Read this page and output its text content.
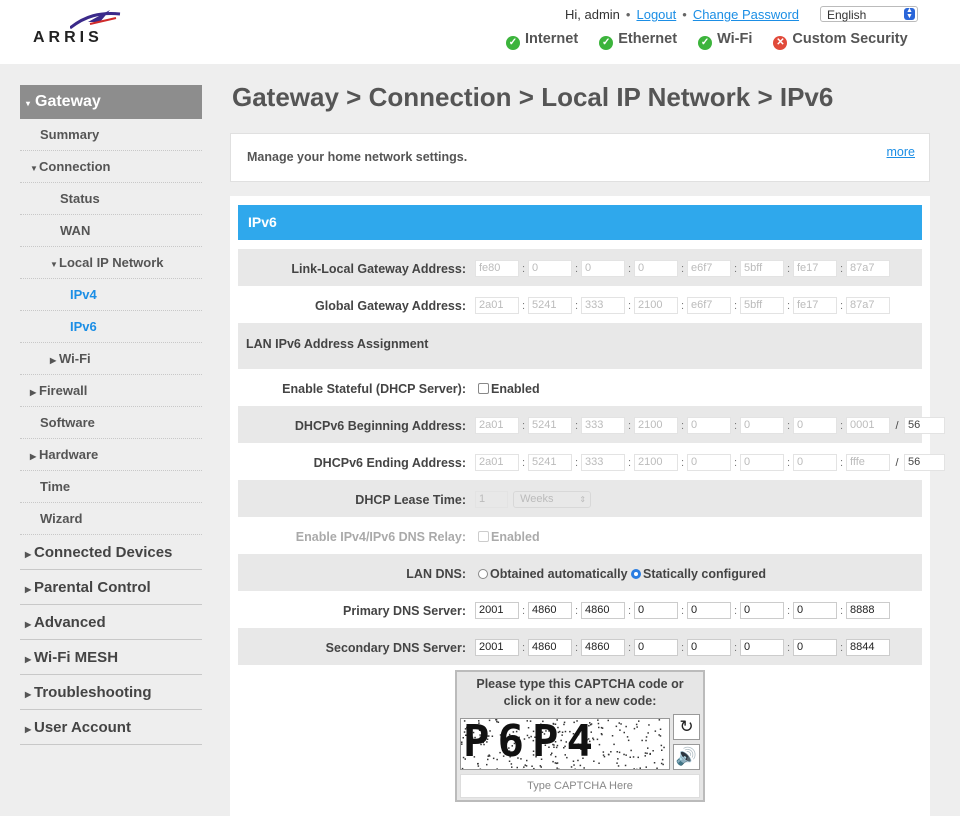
ARRIS
Hi, admin • Logout • Change Password	English	▲
▼
✓ Internet ✓ Ethernet ✓ Wi-Fi ✕ Custom Security
▾ Gateway
Summary
▼Connection
Status
WAN
▼Local IP Network
IPv4
IPv6
▶ Wi-Fi
▶ Firewall
Software
▶ Hardware
Time
Wizard
▶ Connected Devices
▶ Parental Control
▶ Advanced
▶ Wi-Fi MESH
▶ Troubleshooting
▶ User Account
Gateway > Connection > Local IP Network > IPv6
Manage your home network settings.	more
IPv6
Link-Local Gateway Address:	fe80 : 0	: 0	: 0	: e6f7 : 5bff : fe17 : 87a7
Global Gateway Address:	2a01 : 5241 : 333 : 2100 : e6f7 : 5bff : fe17 : 87a7
LAN IPv6 Address Assignment
Enable Stateful (DHCP Server):	Enabled
DHCPv6 Beginning Address:	2a01 : 5241 : 333 : 2100 : 0	: 0	: 0	: 0001 / 56
DHCPv6 Ending Address:	2a01 : 5241 : 333 : 2100 : 0	: 0	: 0	: fffe	/ 56
DHCP Lease Time:	1	Weeks	⇕
Enable IPv4/IPv6 DNS Relay:	Enabled
LAN DNS:	Obtained automatically Statically configured
Primary DNS Server:	2001 : 4860 : 4860 : 0	: 0	: 0	: 0	: 8888
Secondary DNS Server:	2001 : 4860 : 4860 : 0	: 0	: 0	: 0	: 8844
Please type this CAPTCHA code or
click on it for a new code:
P6P4	↻
🔊
Type CAPTCHA Here
